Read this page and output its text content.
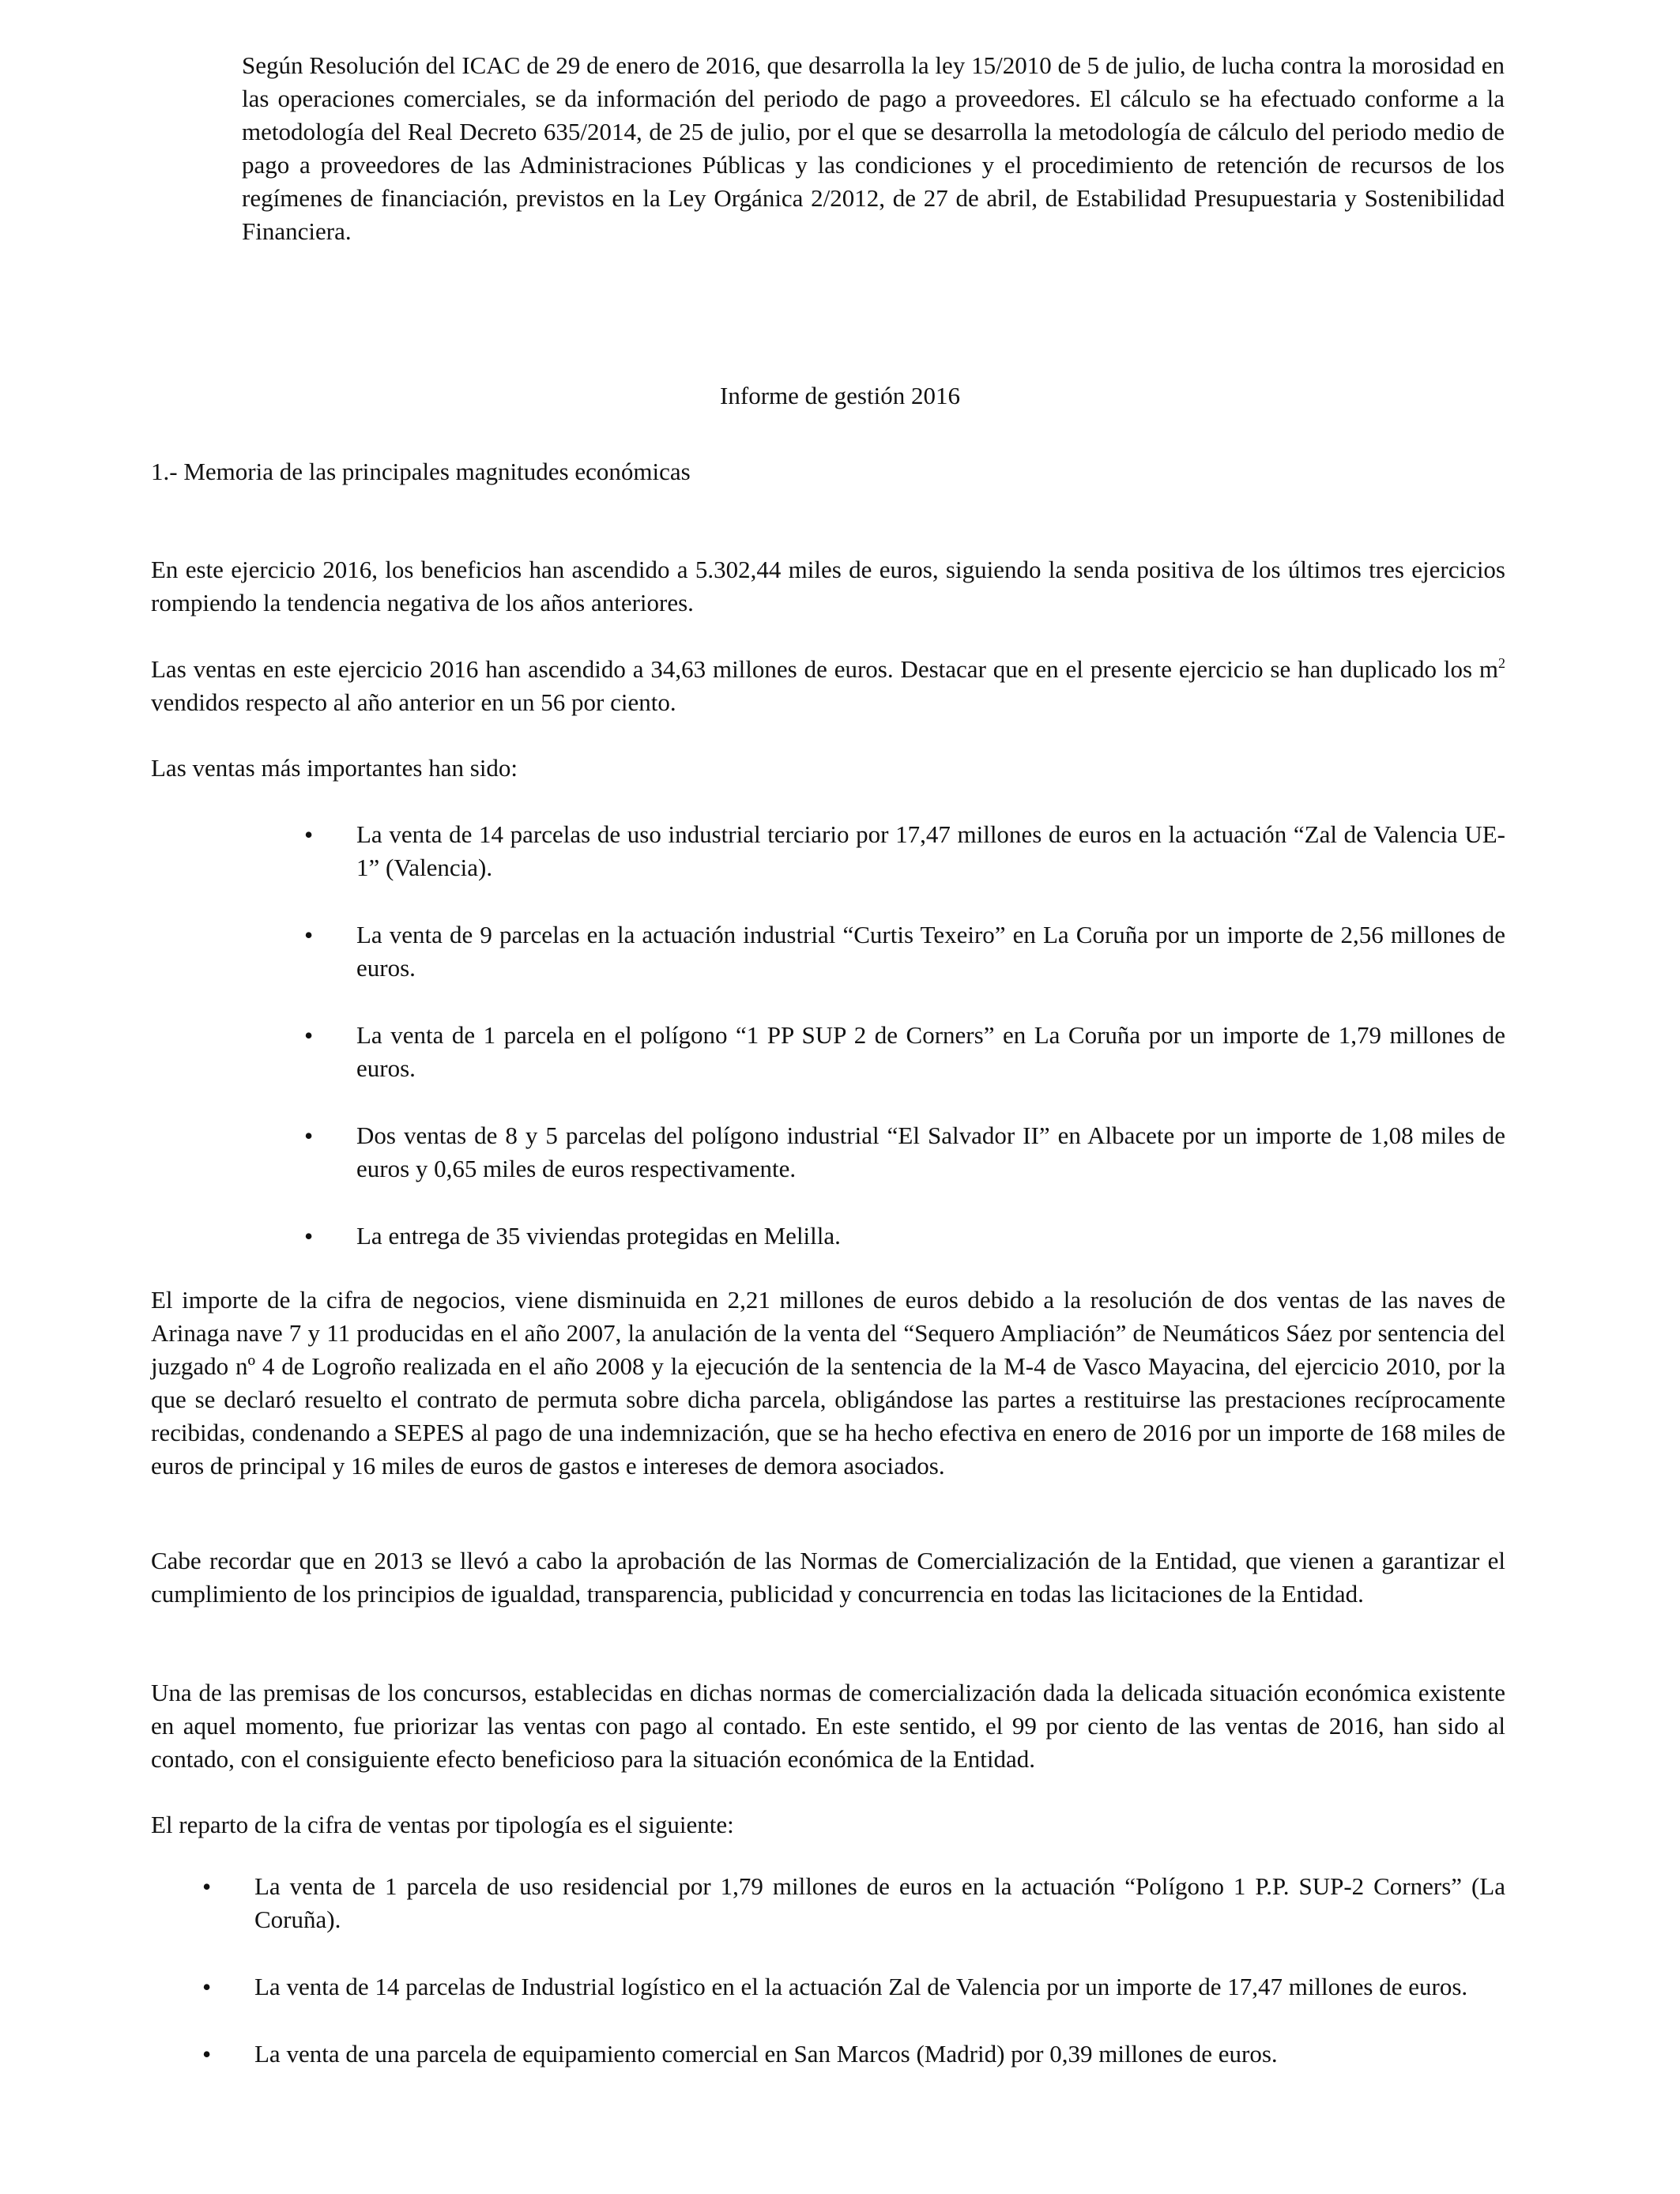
Según Resolución del ICAC de 29 de enero de 2016, que desarrolla la ley 15/2010 de 5 de julio, de lucha contra la morosidad en las operaciones comerciales, se da información del periodo de pago a proveedores. El cálculo se ha efectuado conforme a la metodología del Real Decreto 635/2014, de 25 de julio, por el que se desarrolla la metodología de cálculo del periodo medio de pago a proveedores de las Administraciones Públicas y las condiciones y el procedimiento de retención de recursos de los regímenes de financiación, previstos en la Ley Orgánica 2/2012, de 27 de abril, de Estabilidad Presupuestaria y Sostenibilidad Financiera.

Informe de gestión 2016

1.- Memoria de las principales magnitudes económicas

En este ejercicio 2016, los beneficios han ascendido a 5.302,44 miles de euros, siguiendo la senda positiva de los últimos tres ejercicios rompiendo la tendencia negativa de los años anteriores.

Las ventas en este ejercicio 2016 han ascendido a 34,63 millones de euros. Destacar que en el presente ejercicio se han duplicado los $m^2$ vendidos respecto al año anterior en un 56 por ciento.

Las ventas más importantes han sido:

• La venta de 14 parcelas de uso industrial terciario por 17,47 millones de euros en la actuación “Zal de Valencia UE-1” (Valencia).
• La venta de 9 parcelas en la actuación industrial “Curtis Texeiro” en La Coruña por un importe de 2,56 millones de euros.
• La venta de 1 parcela en el polígono “1 PP SUP 2 de Corners” en La Coruña por un importe de 1,79 millones de euros.
• Dos ventas de 8 y 5 parcelas del polígono industrial “El Salvador II” en Albacete por un importe de 1,08 miles de euros y 0,65 miles de euros respectivamente.
• La entrega de 35 viviendas protegidas en Melilla.

El importe de la cifra de negocios, viene disminuida en 2,21 millones de euros debido a la resolución de dos ventas de las naves de Arinaga nave 7 y 11 producidas en el año 2007, la anulación de la venta del “Sequero Ampliación” de Neumáticos Sáez por sentencia del juzgado nº 4 de Logroño realizada en el año 2008 y la ejecución de la sentencia de la M-4 de Vasco Mayacina, del ejercicio 2010, por la que se declaró resuelto el contrato de permuta sobre dicha parcela, obligándose las partes a restituirse las prestaciones recíprocamente recibidas, condenando a SEPES al pago de una indemnización, que se ha hecho efectiva en enero de 2016 por un importe de 168 miles de euros de principal y 16 miles de euros de gastos e intereses de demora asociados.

Cabe recordar que en 2013 se llevó a cabo la aprobación de las Normas de Comercialización de la Entidad, que vienen a garantizar el cumplimiento de los principios de igualdad, transparencia, publicidad y concurrencia en todas las licitaciones de la Entidad.

Una de las premisas de los concursos, establecidas en dichas normas de comercialización dada la delicada situación económica existente en aquel momento, fue priorizar las ventas con pago al contado. En este sentido, el 99 por ciento de las ventas de 2016, han sido al contado, con el consiguiente efecto beneficioso para la situación económica de la Entidad.

El reparto de la cifra de ventas por tipología es el siguiente:

• La venta de 1 parcela de uso residencial por 1,79 millones de euros en la actuación “Polígono 1 P.P. SUP-2 Corners” (La Coruña).
• La venta de 14 parcelas de Industrial logístico en el la actuación Zal de Valencia por un importe de 17,47 millones de euros.
• La venta de una parcela de equipamiento comercial en San Marcos (Madrid) por 0,39 millones de euros.
